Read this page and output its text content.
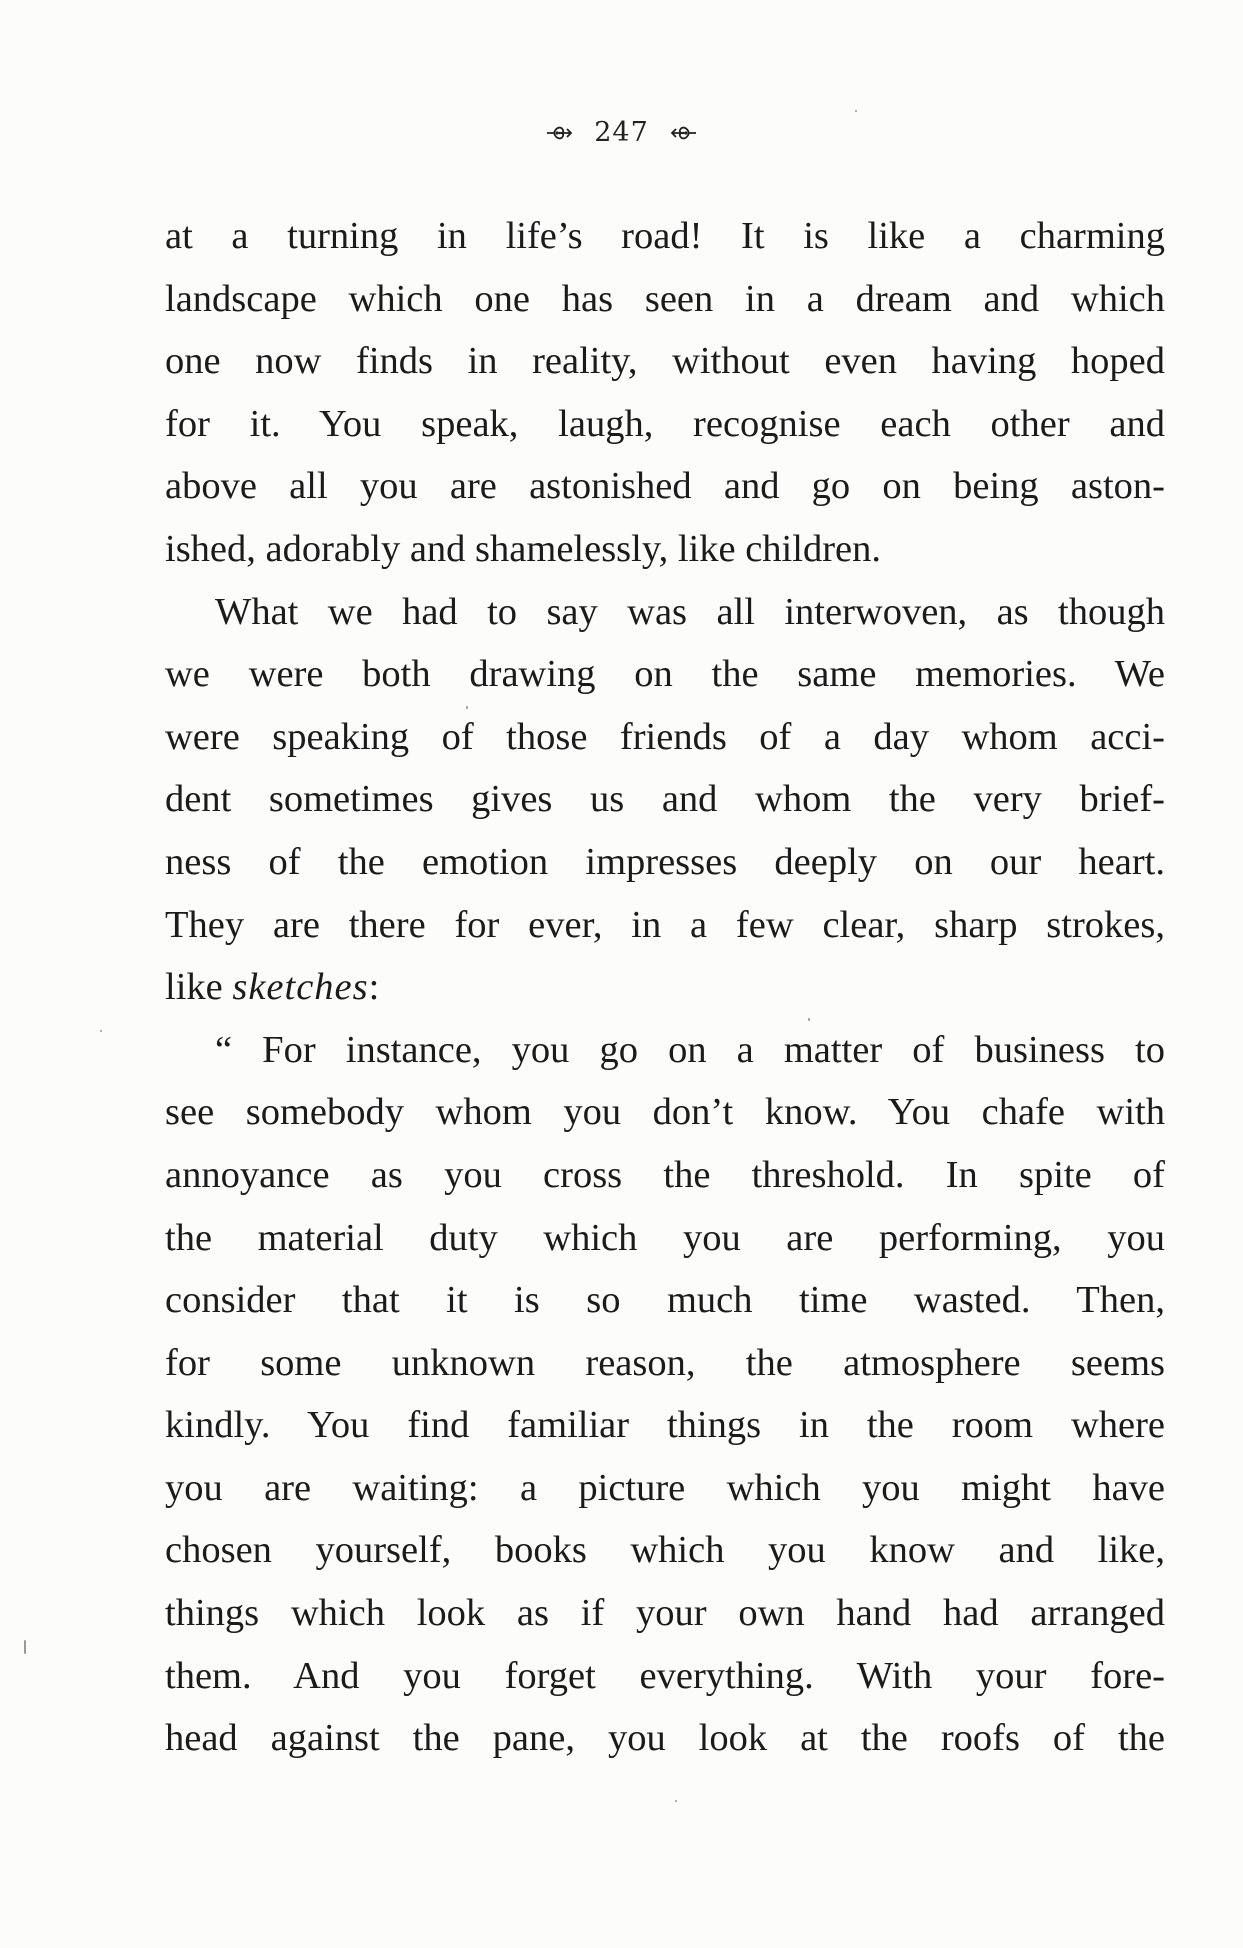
247
at a turning in life’s road! It is like a charming
landscape which one has seen in a dream and which
one now finds in reality, without even having hoped
for it. You speak, laugh, recognise each other and
above all you are astonished and go on being aston-
ished, adorably and shamelessly, like children.
What we had to say was all interwoven, as though
we were both drawing on the same memories. We
were speaking of those friends of a day whom acci-
dent sometimes gives us and whom the very brief-
ness of the emotion impresses deeply on our heart.
They are there for ever, in a few clear, sharp strokes,
like sketches:
“ For instance, you go on a matter of business to
see somebody whom you don’t know. You chafe with
annoyance as you cross the threshold. In spite of
the material duty which you are performing, you
consider that it is so much time wasted. Then,
for some unknown reason, the atmosphere seems
kindly. You find familiar things in the room where
you are waiting: a picture which you might have
chosen yourself, books which you know and like,
things which look as if your own hand had arranged
them. And you forget everything. With your fore-
head against the pane, you look at the roofs of the
